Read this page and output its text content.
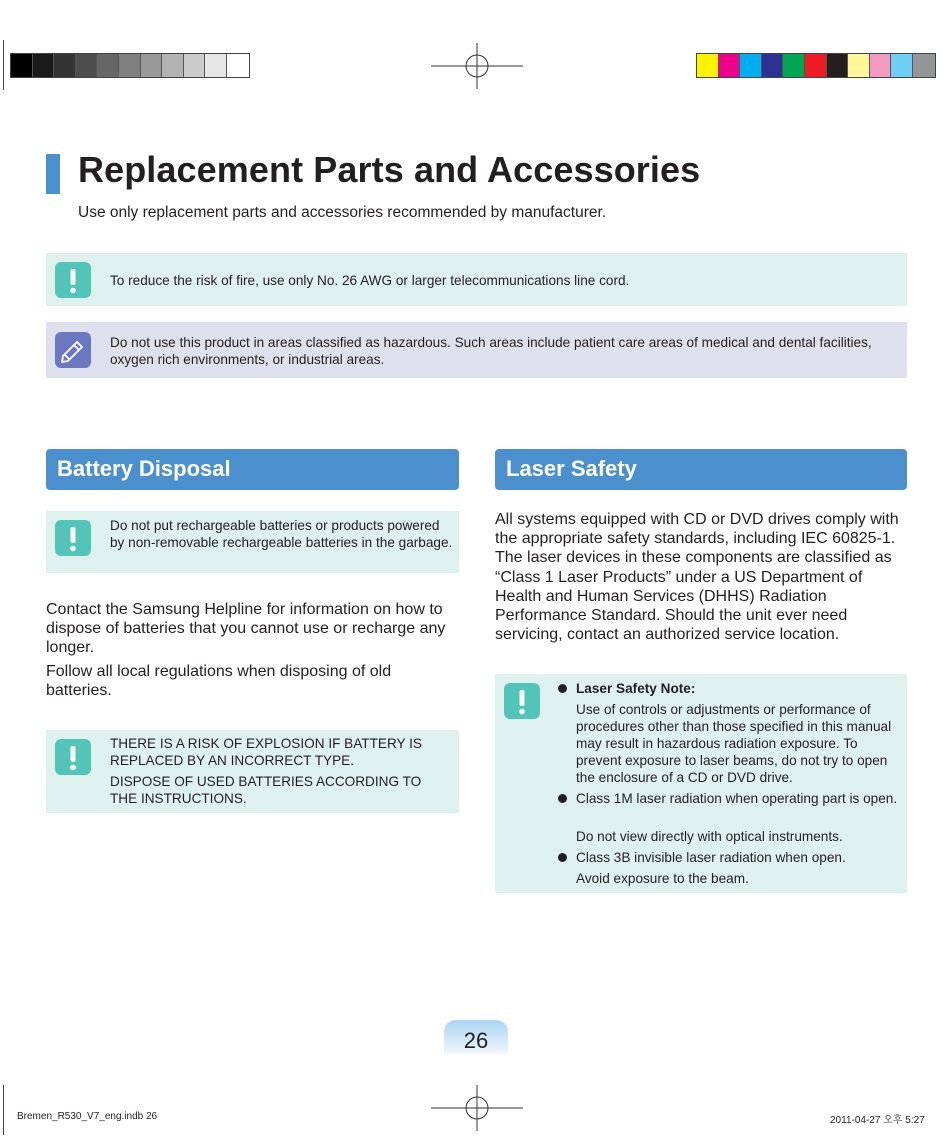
Replacement Parts and Accessories

Use only replacement parts and accessories recommended by manufacturer.

To reduce the risk of fire, use only No. 26 AWG or larger telecommunications line cord.

Do not use this product in areas classified as hazardous. Such areas include patient care areas of medical and dental facilities, oxygen rich environments, or industrial areas.

Battery Disposal

Do not put rechargeable batteries or products powered by non-removable rechargeable batteries in the garbage.

Contact the Samsung Helpline for information on how to dispose of batteries that you cannot use or recharge any longer.

Follow all local regulations when disposing of old batteries.

THERE IS A RISK OF EXPLOSION IF BATTERY IS REPLACED BY AN INCORRECT TYPE.

DISPOSE OF USED BATTERIES ACCORDING TO THE INSTRUCTIONS.

Laser Safety

All systems equipped with CD or DVD drives comply with the appropriate safety standards, including IEC 60825-1. The laser devices in these components are classified as “Class 1 Laser Products” under a US Department of Health and Human Services (DHHS) Radiation Performance Standard. Should the unit ever need servicing, contact an authorized service location.

Laser Safety Note:

Use of controls or adjustments or performance of procedures other than those specified in this manual may result in hazardous radiation exposure. To prevent exposure to laser beams, do not try to open the enclosure of a CD or DVD drive.

Class 1M laser radiation when operating part is open.

Do not view directly with optical instruments.

Class 3B invisible laser radiation when open.

Avoid exposure to the beam.

26
Bremen_R530_V7_eng.indb 26	2011-04-27 오후 5:27
